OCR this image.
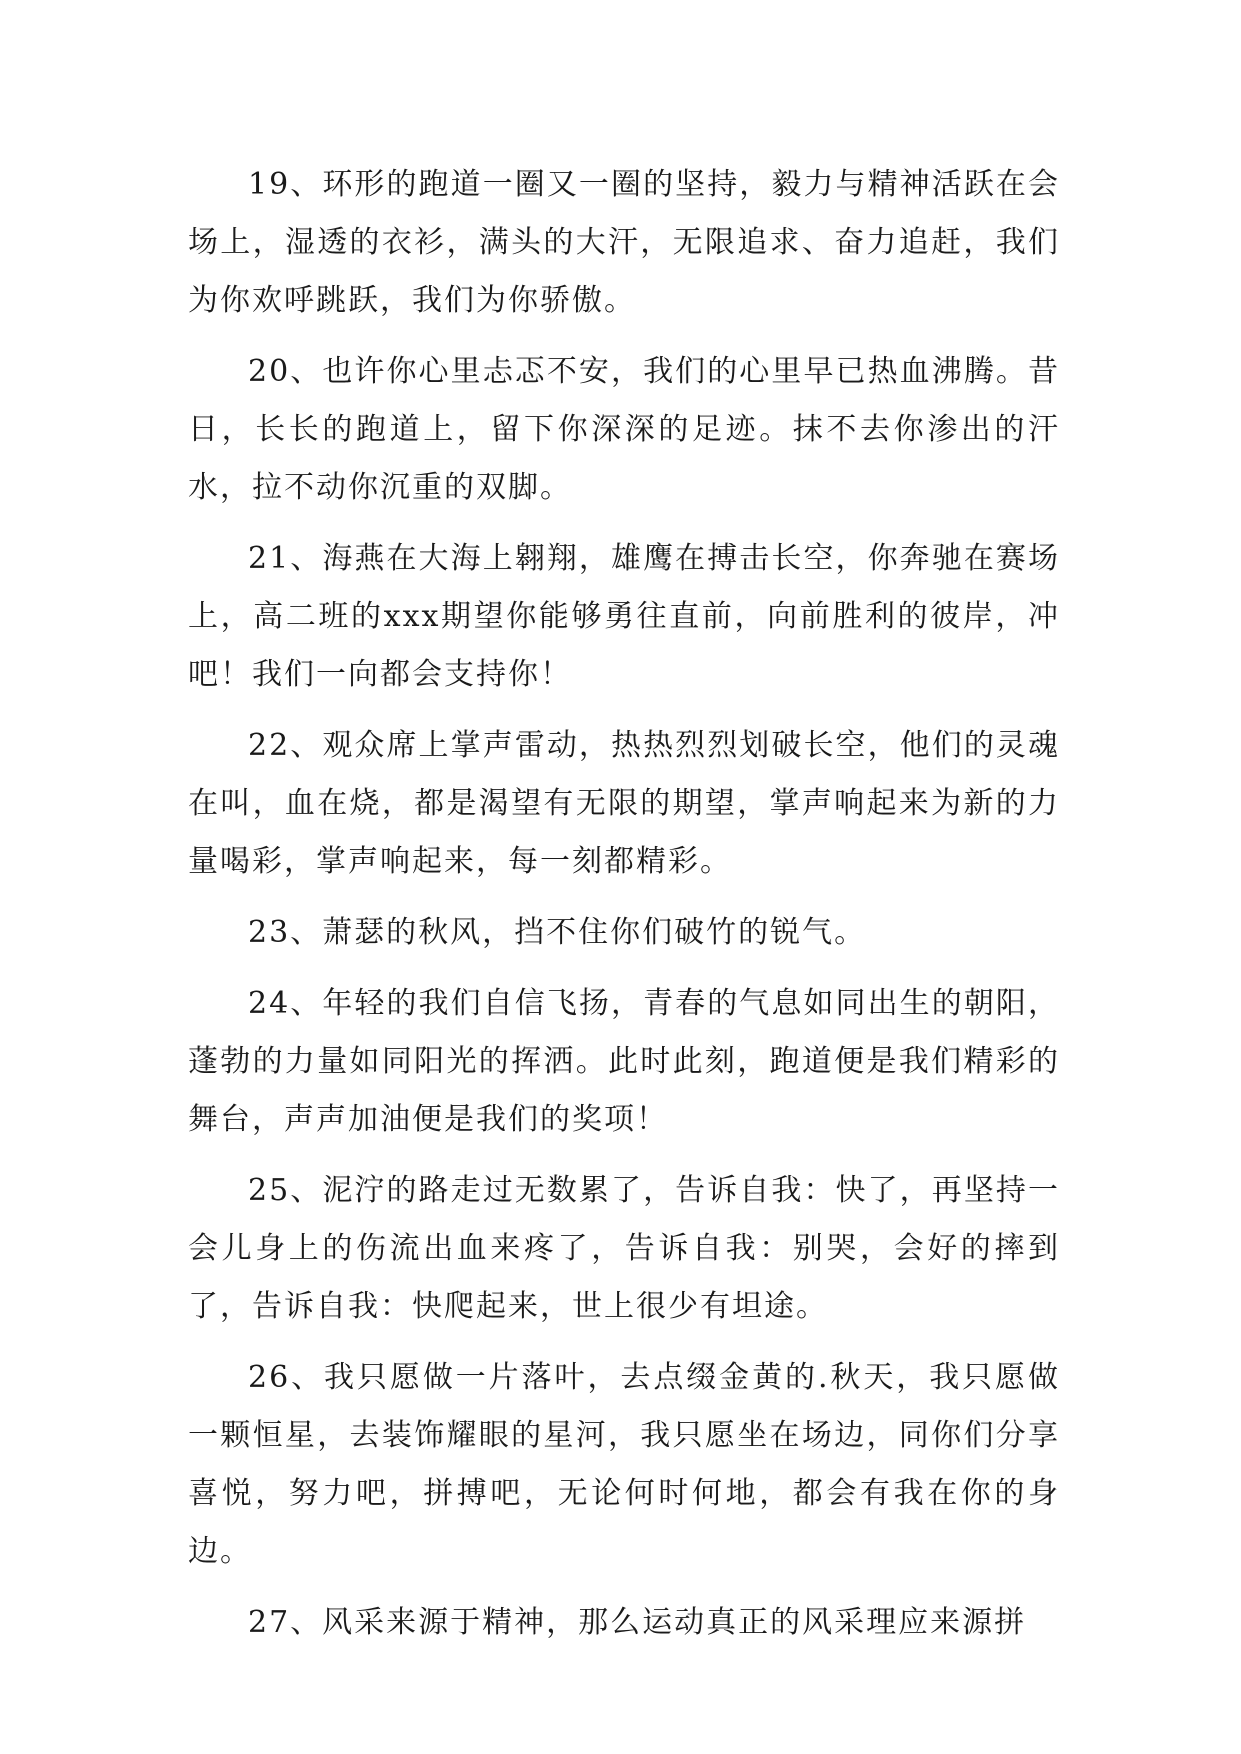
19、环形的跑道一圈又一圈的坚持，毅力与精神活跃在会场上，湿透的衣衫，满头的大汗，无限追求、奋力追赶，我们为你欢呼跳跃，我们为你骄傲。

20、也许你心里忐忑不安，我们的心里早已热血沸腾。昔日，长长的跑道上，留下你深深的足迹。抹不去你渗出的汗水，拉不动你沉重的双脚。

21、海燕在大海上翱翔，雄鹰在搏击长空，你奔驰在赛场上，高二班的xxx期望你能够勇往直前，向前胜利的彼岸，冲吧！我们一向都会支持你！

22、观众席上掌声雷动，热热烈烈划破长空，他们的灵魂在叫，血在烧，都是渴望有无限的期望，掌声响起来为新的力量喝彩，掌声响起来，每一刻都精彩。

23、萧瑟的秋风，挡不住你们破竹的锐气。

24、年轻的我们自信飞扬，青春的气息如同出生的朝阳，蓬勃的力量如同阳光的挥洒。此时此刻，跑道便是我们精彩的舞台，声声加油便是我们的奖项！

25、泥泞的路走过无数累了，告诉自我：快了，再坚持一会儿身上的伤流出血来疼了，告诉自我：别哭，会好的摔到了，告诉自我：快爬起来，世上很少有坦途。

26、我只愿做一片落叶，去点缀金黄的.秋天，我只愿做一颗恒星，去装饰耀眼的星河，我只愿坐在场边，同你们分享喜悦，努力吧，拼搏吧，无论何时何地，都会有我在你的身边。

27、风采来源于精神，那么运动真正的风采理应来源拼
